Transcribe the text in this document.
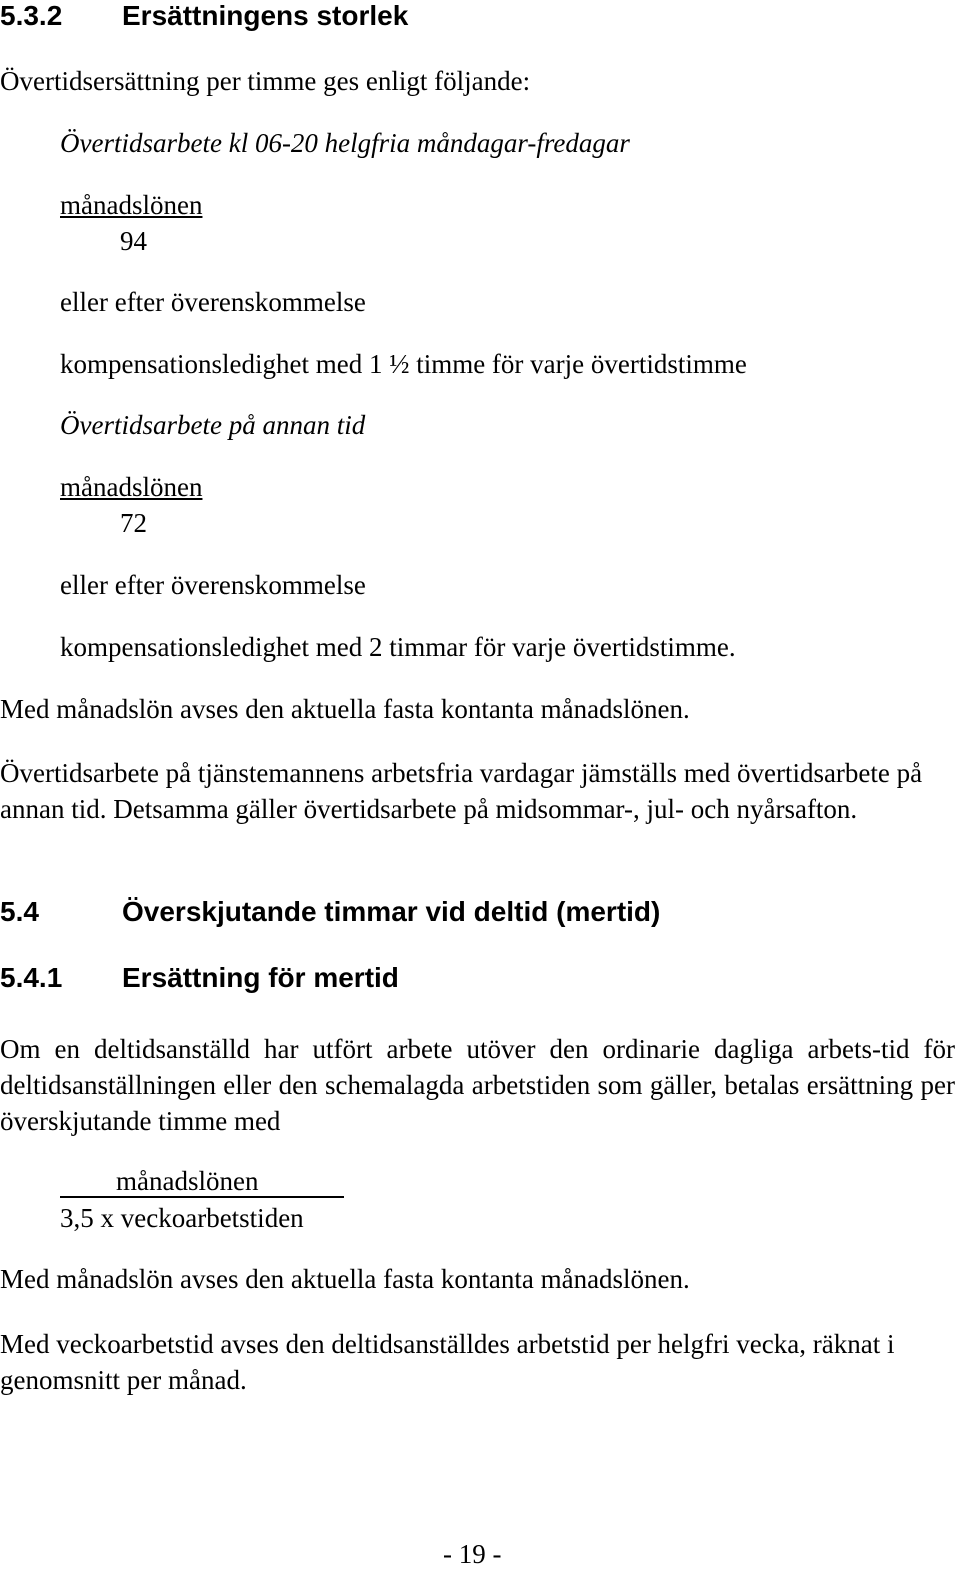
5.3.2 Ersättningens storlek
Övertidsersättning per timme ges enligt följande:
Övertidsarbete kl 06-20 helgfria måndagar-fredagar
månadslönen
94
eller efter överenskommelse
kompensationsledighet med 1 ½ timme för varje övertidstimme
Övertidsarbete på annan tid
månadslönen
72
eller efter överenskommelse
kompensationsledighet med 2 timmar för varje övertidstimme.
Med månadslön avses den aktuella fasta kontanta månadslönen.
Övertidsarbete på tjänstemannens arbetsfria vardagar jämställs med övertidsarbete på annan tid. Detsamma gäller övertidsarbete på midsommar-, jul- och nyårsafton.
5.4	Överskjutande timmar vid deltid (mertid)
5.4.1 Ersättning för mertid
Om en deltidsanställd har utfört arbete utöver den ordinarie dagliga arbets-tid för deltidsanställningen eller den schemalagda arbetstiden som gäller, betalas ersättning per överskjutande timme med
månadslönen
3,5 x veckoarbetstiden
Med månadslön avses den aktuella fasta kontanta månadslönen.
Med veckoarbetstid avses den deltidsanställdes arbetstid per helgfri vecka, räknat i genomsnitt per månad.
- 19 -
